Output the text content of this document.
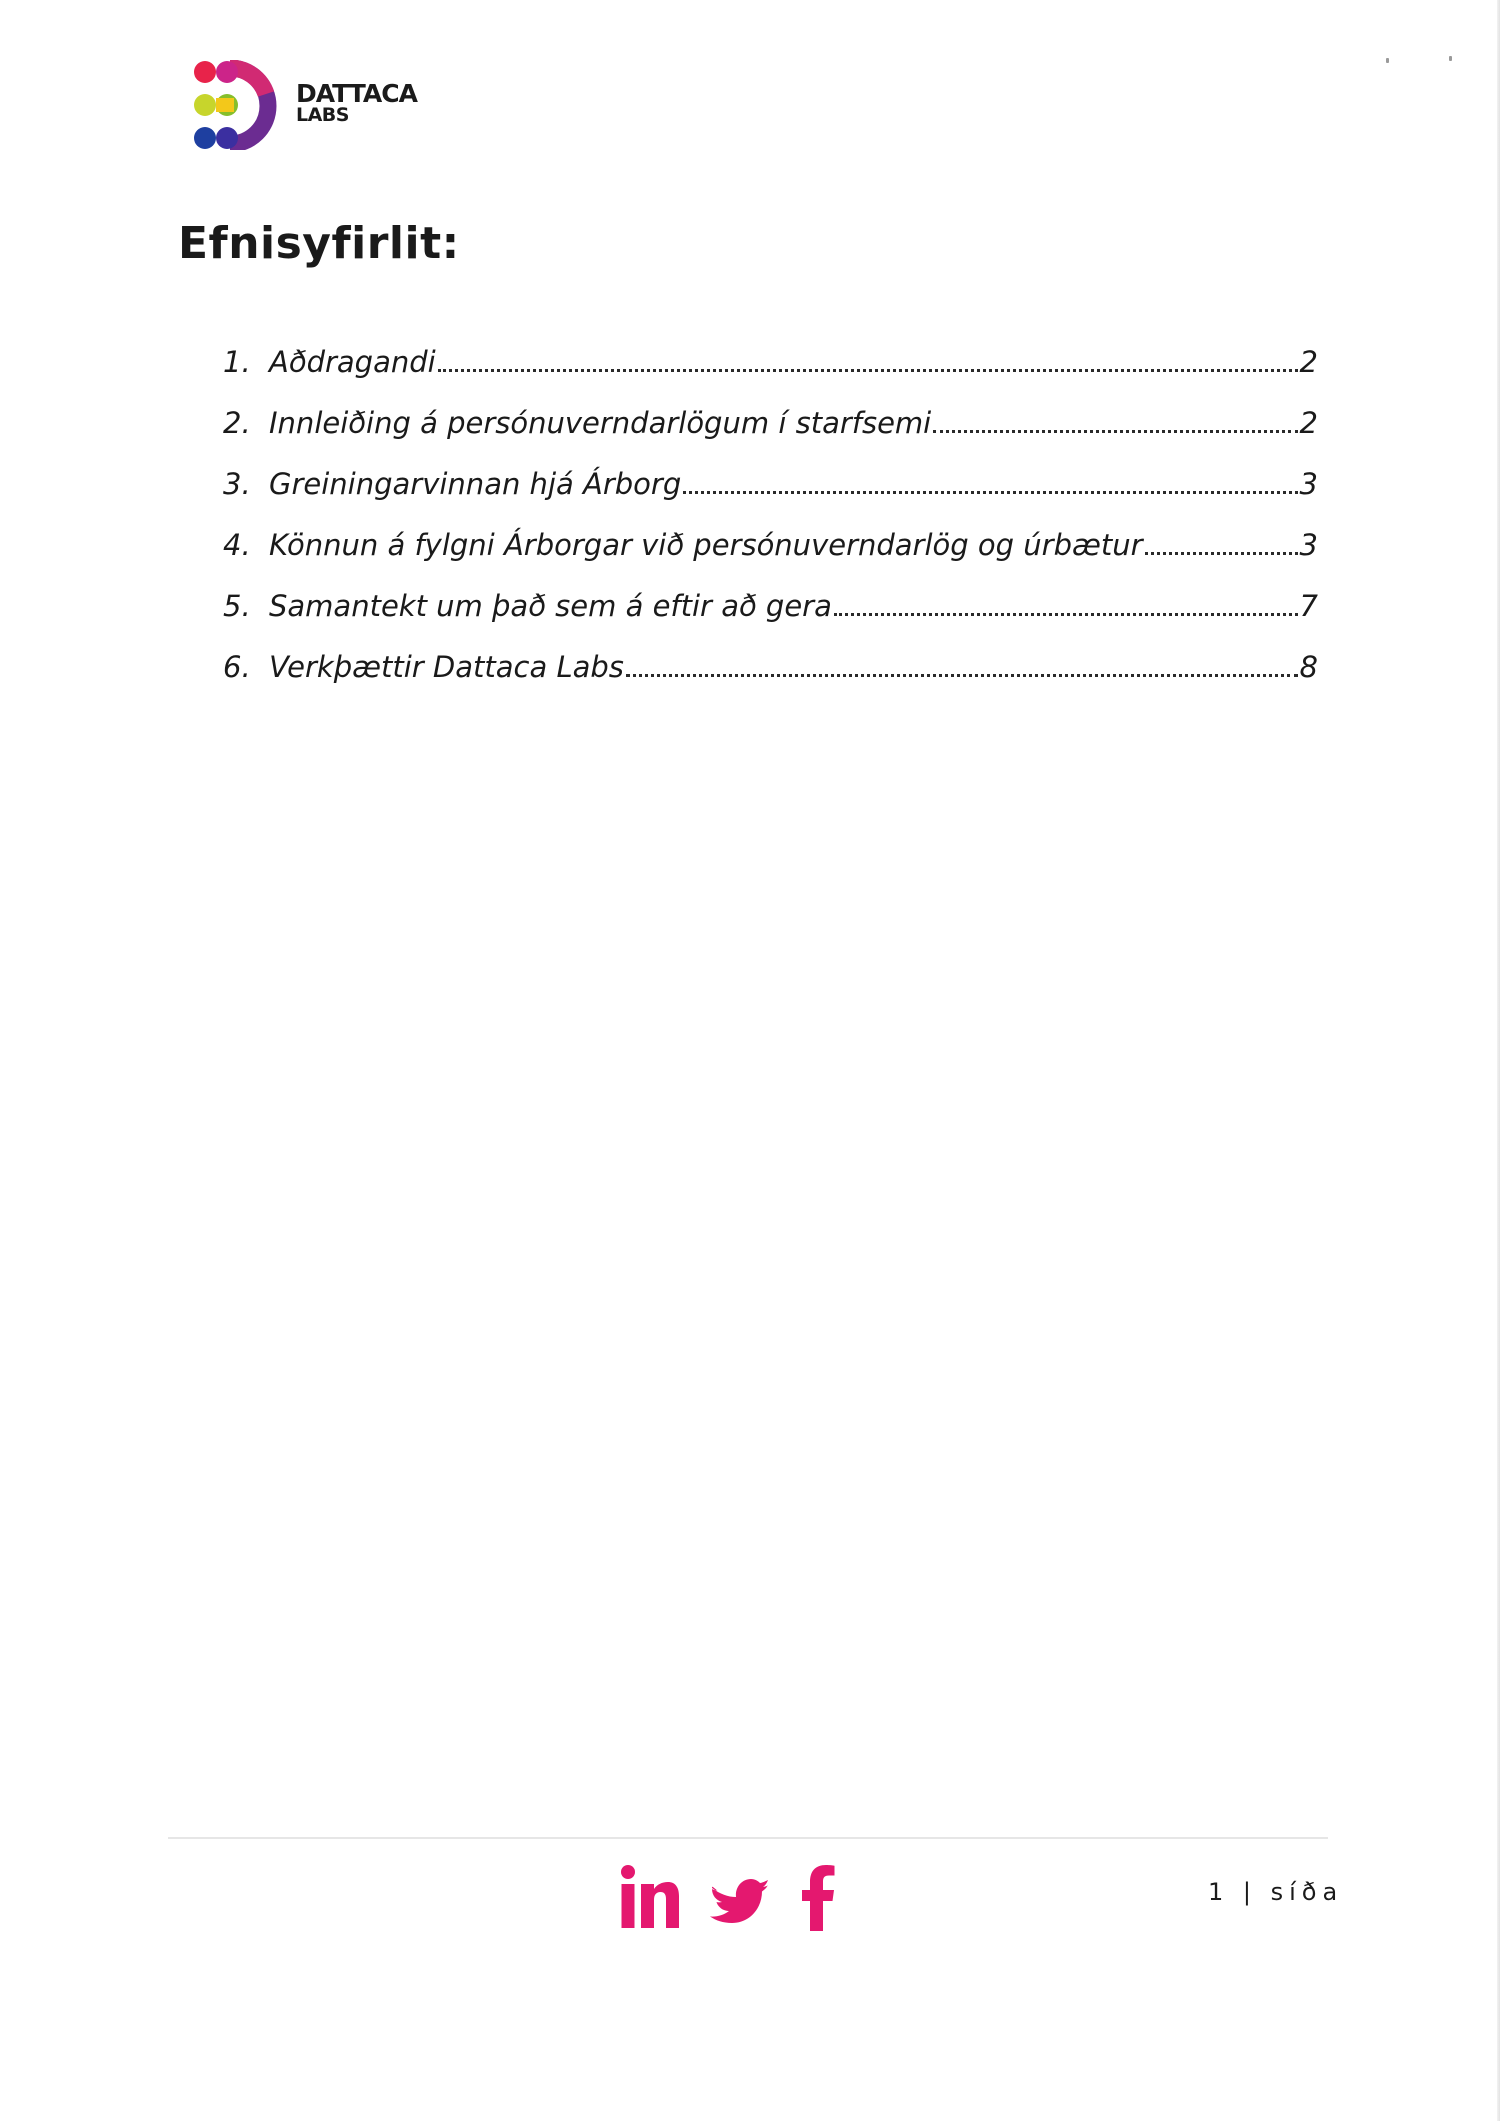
DATTACA
LABS
Efnisyfirlit:
1. Aðdragandi	2
2. Innleiðing á persónuverndarlögum í starfsemi	2
3. Greiningarvinnan hjá Árborg	3
4. Könnun á fylgni Árborgar við persónuverndarlög og úrbætur	3
5. Samantekt um það sem á eftir að gera	7
6. Verkþættir Dattaca Labs	8
1 | síða
